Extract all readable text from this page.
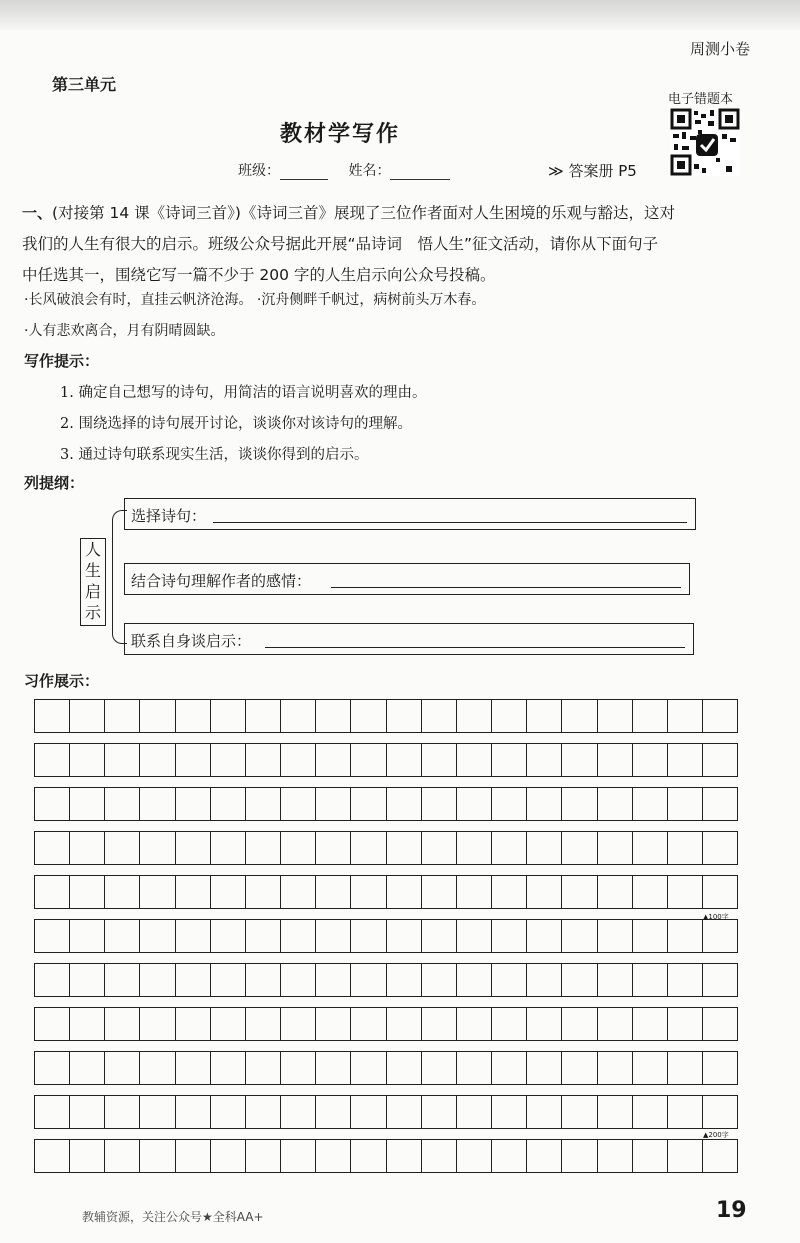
周测小卷
第三单元
教材学写作
电子错题本
班级：	姓名：	≫ 答案册 P5
一、(对接第 14 课《诗词三首》)《诗词三首》展现了三位作者面对人生困境的乐观与豁达，这对
我们的人生有很大的启示。班级公众号据此开展“品诗词　悟人生”征文活动，请你从下面句子
中任选其一，围绕它写一篇不少于 200 字的人生启示向公众号投稿。
·长风破浪会有时，直挂云帆济沧海。 ·沉舟侧畔千帆过，病树前头万木春。
·人有悲欢离合，月有阴晴圆缺。
写作提示：
1. 确定自己想写的诗句，用简洁的语言说明喜欢的理由。
2. 围绕选择的诗句展开讨论，谈谈你对该诗句的理解。
3. 通过诗句联系现实生活，谈谈你得到的启示。
列提纲：
人生启示
选择诗句：
结合诗句理解作者的感情：
联系自身谈启示：
习作展示：
▲100字
▲200字
教辅资源，关注公众号★全科AA+	19
